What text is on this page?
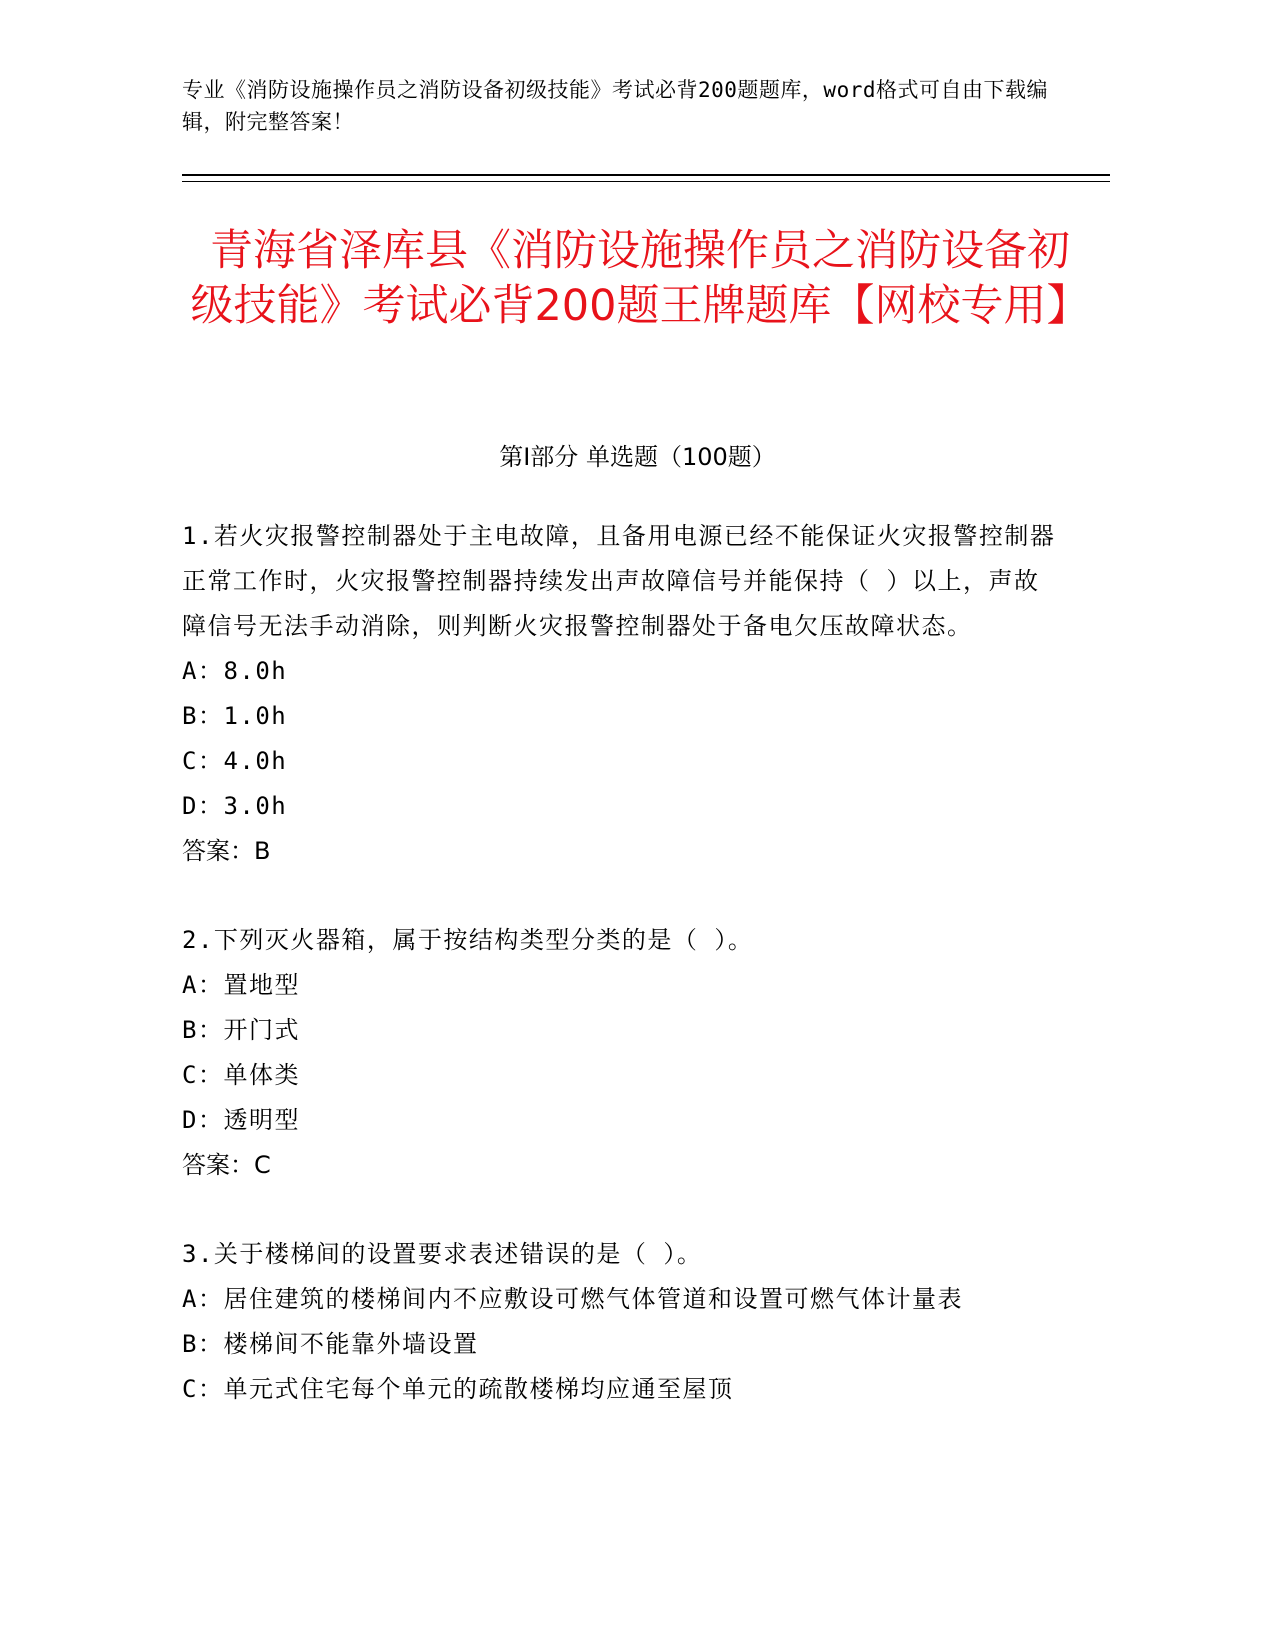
专业《消防设施操作员之消防设备初级技能》考试必背200题题库，word格式可自由下载编辑，附完整答案！
青海省泽库县《消防设施操作员之消防设备初级技能》考试必背200题王牌题库【网校专用】
第Ⅰ部分 单选题（100题）
1.若火灾报警控制器处于主电故障，且备用电源已经不能保证火灾报警控制器正常工作时，火灾报警控制器持续发出声故障信号并能保持（ ）以上，声故障信号无法手动消除，则判断火灾报警控制器处于备电欠压故障状态。
A：8.0h
B：1.0h
C：4.0h
D：3.0h
答案：B
2.下列灭火器箱，属于按结构类型分类的是（ ）。
A：置地型
B：开门式
C：单体类
D：透明型
答案：C
3.关于楼梯间的设置要求表述错误的是（ ）。
A：居住建筑的楼梯间内不应敷设可燃气体管道和设置可燃气体计量表
B：楼梯间不能靠外墙设置
C：单元式住宅每个单元的疏散楼梯均应通至屋顶
